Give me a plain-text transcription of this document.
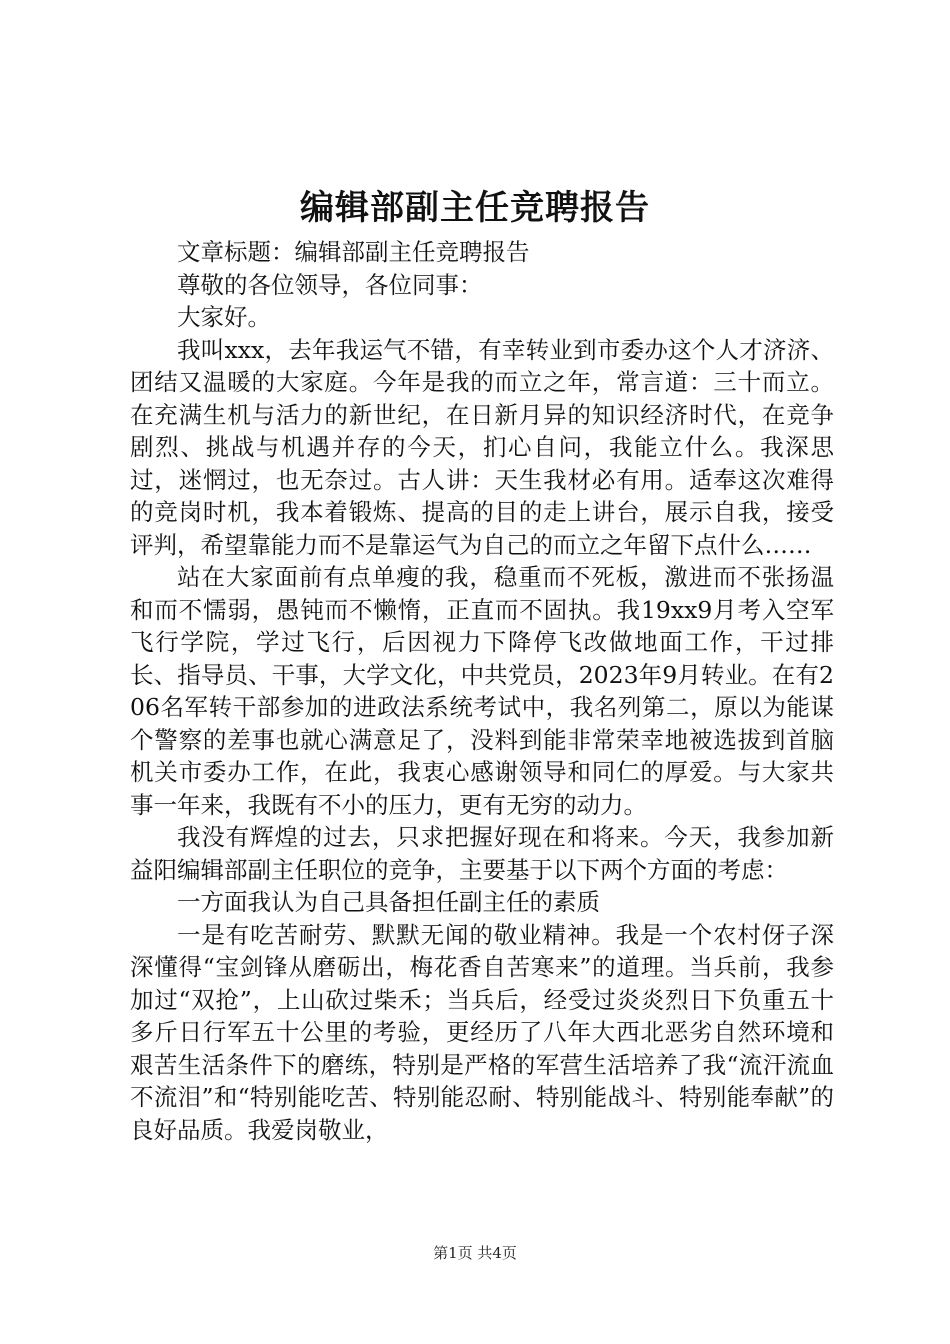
编辑部副主任竞聘报告

文章标题：编辑部副主任竞聘报告

尊敬的各位领导，各位同事：

大家好。

我叫xxx，去年我运气不错，有幸转业到市委办这个人才济济、团结又温暖的大家庭。今年是我的而立之年，常言道：三十而立。在充满生机与活力的新世纪，在日新月异的知识经济时代，在竞争剧烈、挑战与机遇并存的今天，扪心自问，我能立什么。我深思过，迷惘过，也无奈过。古人讲：天生我材必有用。适奉这次难得的竞岗时机，我本着锻炼、提高的目的走上讲台，展示自我，接受评判，希望靠能力而不是靠运气为自己的而立之年留下点什么……

站在大家面前有点单瘦的我，稳重而不死板，激进而不张扬温和而不懦弱，愚钝而不懒惰，正直而不固执。我19xx9月考入空军飞行学院，学过飞行，后因视力下降停飞改做地面工作，干过排长、指导员、干事，大学文化，中共党员，2023年9月转业。在有206名军转干部参加的进政法系统考试中，我名列第二，原以为能谋个警察的差事也就心满意足了，没料到能非常荣幸地被选拔到首脑机关市委办工作，在此，我衷心感谢领导和同仁的厚爱。与大家共事一年来，我既有不小的压力，更有无穷的动力。

我没有辉煌的过去，只求把握好现在和将来。今天，我参加新益阳编辑部副主任职位的竞争，主要基于以下两个方面的考虑：

一方面我认为自己具备担任副主任的素质

一是有吃苦耐劳、默默无闻的敬业精神。我是一个农村伢子深深懂得“宝剑锋从磨砺出，梅花香自苦寒来”的道理。当兵前，我参加过“双抢”，上山砍过柴禾；当兵后，经受过炎炎烈日下负重五十多斤日行军五十公里的考验，更经历了八年大西北恶劣自然环境和艰苦生活条件下的磨练，特别是严格的军营生活培养了我“流汗流血不流泪”和“特别能吃苦、特别能忍耐、特别能战斗、特别能奉献”的良好品质。我爱岗敬业，

第1页 共4页
